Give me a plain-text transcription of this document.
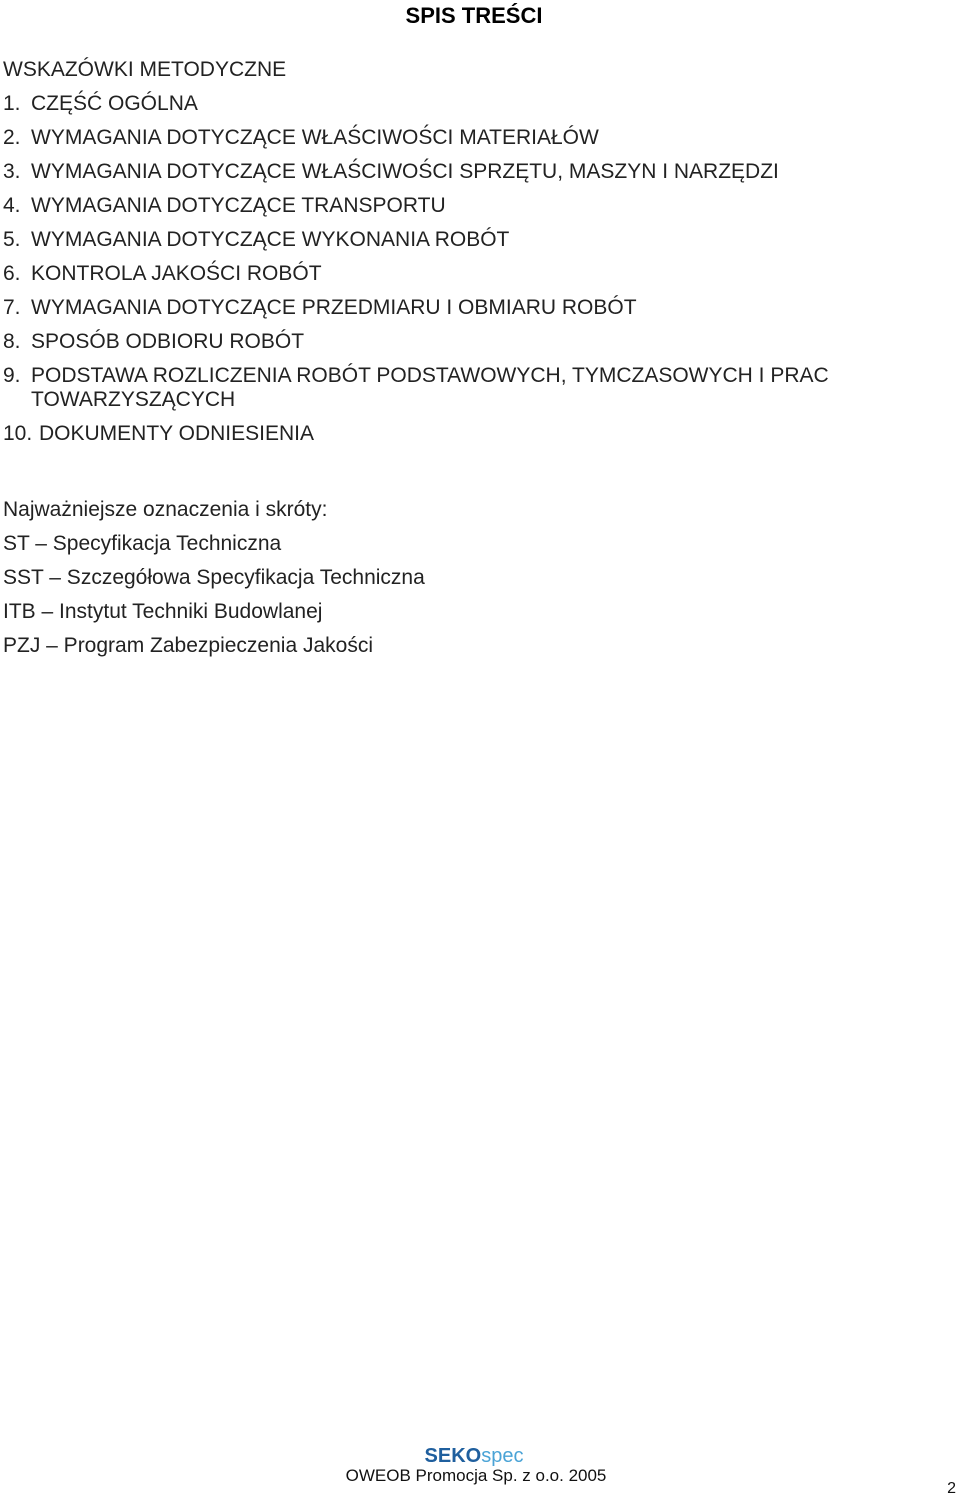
SPIS TREŚCI
WSKAZÓWKI METODYCZNE
1. CZĘŚĆ OGÓLNA
2. WYMAGANIA DOTYCZĄCE WŁAŚCIWOŚCI MATERIAŁÓW
3. WYMAGANIA DOTYCZĄCE WŁAŚCIWOŚCI SPRZĘTU, MASZYN I NARZĘDZI
4. WYMAGANIA DOTYCZĄCE TRANSPORTU
5. WYMAGANIA DOTYCZĄCE WYKONANIA ROBÓT
6. KONTROLA JAKOŚCI ROBÓT
7. WYMAGANIA DOTYCZĄCE PRZEDMIARU I OBMIARU ROBÓT
8. SPOSÓB ODBIORU ROBÓT
9. PODSTAWA ROZLICZENIA ROBÓT PODSTAWOWYCH, TYMCZASOWYCH I PRAC TOWARZYSZĄCYCH
10. DOKUMENTY ODNIESIENIA
Najważniejsze oznaczenia i skróty:
ST – Specyfikacja Techniczna
SST – Szczegółowa Specyfikacja Techniczna
ITB – Instytut Techniki Budowlanej
PZJ – Program Zabezpieczenia Jakości
SEKOspec
OWEOB Promocja Sp. z o.o. 2005
2
